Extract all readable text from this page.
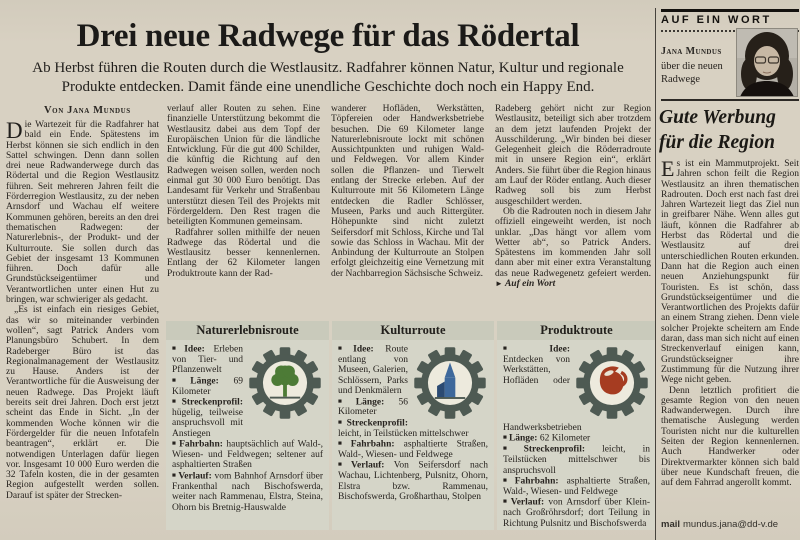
Drei neue Radwege für das Rödertal
Ab Herbst führen die Routen durch die Westlausitz. Radfahrer können Natur, Kultur und regionale Produkte entdecken. Damit fände eine unendliche Geschichte doch noch ein Happy End.
Von Jana Mundus

Die Wartezeit für die Radfahrer hat bald ein Ende. Spätestens im Herbst können sie sich endlich in den Sattel schwingen. Denn dann sollen drei neue Radwanderwege durch das Rödertal und die Region Westlausitz führen. Seit mehreren Jahren feilt die Förderregion Westlausitz, zu der neben Arnsdorf und Wachau elf weitere Kommunen gehören, bereits an den drei thematischen Radwegen: der Naturerlebnis-, der Produkt- und der Kulturroute. Sie sollen durch das Gebiet der insgesamt 13 Kommunen führen. Doch dafür alle Grundstückseigentümer und Verantwortlichen unter einen Hut zu bringen, war schwieriger als gedacht.

„Es ist einfach ein riesiges Gebiet, das wir so miteinander verbinden wollen“, sagt Patrick Anders vom Planungsbüro Schubert. In dem Radeberger Büro ist das Regionalmanagement der Westlausitz zu Hause. Anders ist der Verantwortliche für die Ausweisung der neuen Radwege. Das Projekt läuft bereits seit drei Jahren. Doch erst jetzt scheint das Ende in Sicht. „In der kommenden Woche können wir die Fördergelder für die neuen Infotafeln beantragen“, erklärt er. Die notwendigen Unterlagen dafür liegen vor. Insgesamt 10 000 Euro werden die 32 Tafeln kosten, die in der gesamten Region aufgestellt werden sollen. Darauf ist später der Strecken-

verlauf aller Routen zu sehen. Eine finanzielle Unterstützung bekommt die Westlausitz dabei aus dem Topf der Europäischen Union für die ländliche Entwicklung. Für die gut 400 Schilder, die künftig die Richtung auf den Radwegen weisen sollen, werden noch einmal gut 30 000 Euro benötigt. Das Landesamt für Verkehr und Straßenbau unterstützt diesen Teil des Projekts mit Fördergeldern. Den Rest tragen die beteiligten Kommunen gemeinsam.

Radfahrer sollen mithilfe der neuen Radwege das Rödertal und die Westlausitz besser kennenlernen. Entlang der 62 Kilometer langen Produktroute kann der Rad-

wanderer Hofläden, Werkstätten, Töpfereien oder Handwerksbetriebe besuchen. Die 69 Kilometer lange Naturerlebnisroute lockt mit schönen Aussichtpunkten und ruhigen Wald- und Feldwegen. Vor allem Kinder sollen die Pflanzen- und Tierwelt entlang der Strecke erleben. Auf der Kulturroute mit 56 Kilometern Länge entdecken die Radler Schlösser, Museen, Parks und auch Rittergüter. Höhepunkte sind nicht zuletzt Seifersdorf mit Schloss, Kirche und Tal sowie das Schloss in Wachau. Mit der Anbindung der Kulturroute an Stolpen erfolgt gleichzeitig eine Vernetzung mit der Nachbarregion Sächsische Schweiz.

Radeberg gehört nicht zur Region Westlausitz, beteiligt sich aber trotzdem an dem jetzt laufenden Projekt der Ausschilderung. „Wir binden bei dieser Gelegenheit gleich die Röderradroute mit in unsere Region ein“, erklärt Anders. Sie führt über die Region hinaus am Lauf der Röder entlang. Auch dieser Radweg soll bis zum Herbst ausgeschildert werden.

Ob die Radrouten noch in diesem Jahr offiziell eingeweiht werden, ist noch unklar. „Das hängt vor allem vom Wetter ab“, so Patrick Anders. Spätestens im kommenden Jahr soll dann aber mit einer extra Veranstaltung das neue Radwegenetz gefeiert werden. ► Auf ein Wort

Naturerlebnisroute
■ Idee: Erleben von Tier- und Pflanzenwelt
■ Länge: 69 Kilometer
■ Streckenprofil: hügelig, teilweise anspruchsvoll mit Anstiegen
■ Fahrbahn: hauptsächlich auf Wald-, Wiesen- und Feldwegen; seltener auf asphaltierten Straßen
■ Verlauf: vom Bahnhof Arnsdorf über Frankenthal nach Bischofswerda, weiter nach Rammenau, Elstra, Steina, Ohorn bis Bretnig-Hauswalde
Kulturroute
■ Idee: Route entlang von Museen, Galerien, Schlössern, Parks und Denkmälern
■ Länge: 56 Kilometer
■ Streckenprofil: leicht, in Teilstücken mittelschwer
■ Fahrbahn: asphaltierte Straßen, Wald-, Wiesen- und Feldwege
■ Verlauf: Von Seifersdorf nach Wachau, Lichtenberg, Pulsnitz, Ohorn, Elstra bzw. Rammenau, Bischofswerda, Großharthau, Stolpen
Produktroute
■ Idee: Entdecken von Werkstätten, Hofläden oder Handwerksbetrieben
■ Länge: 62 Kilometer
■ Streckenprofil: leicht, in Teilstücken mittelschwer bis anspruchsvoll
■ Fahrbahn: asphaltierte Straßen, Wald-, Wiesen- und Feldwege
■ Verlauf: von Arnsdorf über Klein- nach Großröhrsdorf; dort Teilung in Richtung Pulsnitz und Bischofswerda
AUF EIN WORT
Jana Mundus
über die neuen Radwege
Gute Werbung für die Region

Es ist ein Mammutprojekt. Seit Jahren schon feilt die Region Westlausitz an ihren thematischen Radrouten. Doch erst nach fast drei Jahren Wartezeit liegt das Ziel nun in greifbarer Nähe. Wenn alles gut läuft, können die Radfahrer ab Herbst das Rödertal und die Westlausitz auf drei unterschiedlichen Routen erkunden. Dann hat die Region auch einen neuen Anziehungspunkt für Touristen. Es ist schön, dass Grundstückseigentümer und die Verantwortlichen des Projekts dafür an einem Strang ziehen. Denn viele solcher Projekte scheitern am Ende daran, dass man sich nicht auf einen Streckenverlauf einigen kann, Grundstückseigner ihre Zustimmung für die Nutzung ihrer Wege nicht geben.

Denn letztlich profitiert die gesamte Region von den neuen Radwanderwegen. Durch ihre thematische Auslegung werden Touristen nicht nur die kulturellen Seiten der Region kennenlernen. Auch Handwerker oder Direktvermarkter können sich bald über neue Kundschaft freuen, die auf dem Fahrrad angerollt kommt.

mail mundus.jana@dd-v.de
